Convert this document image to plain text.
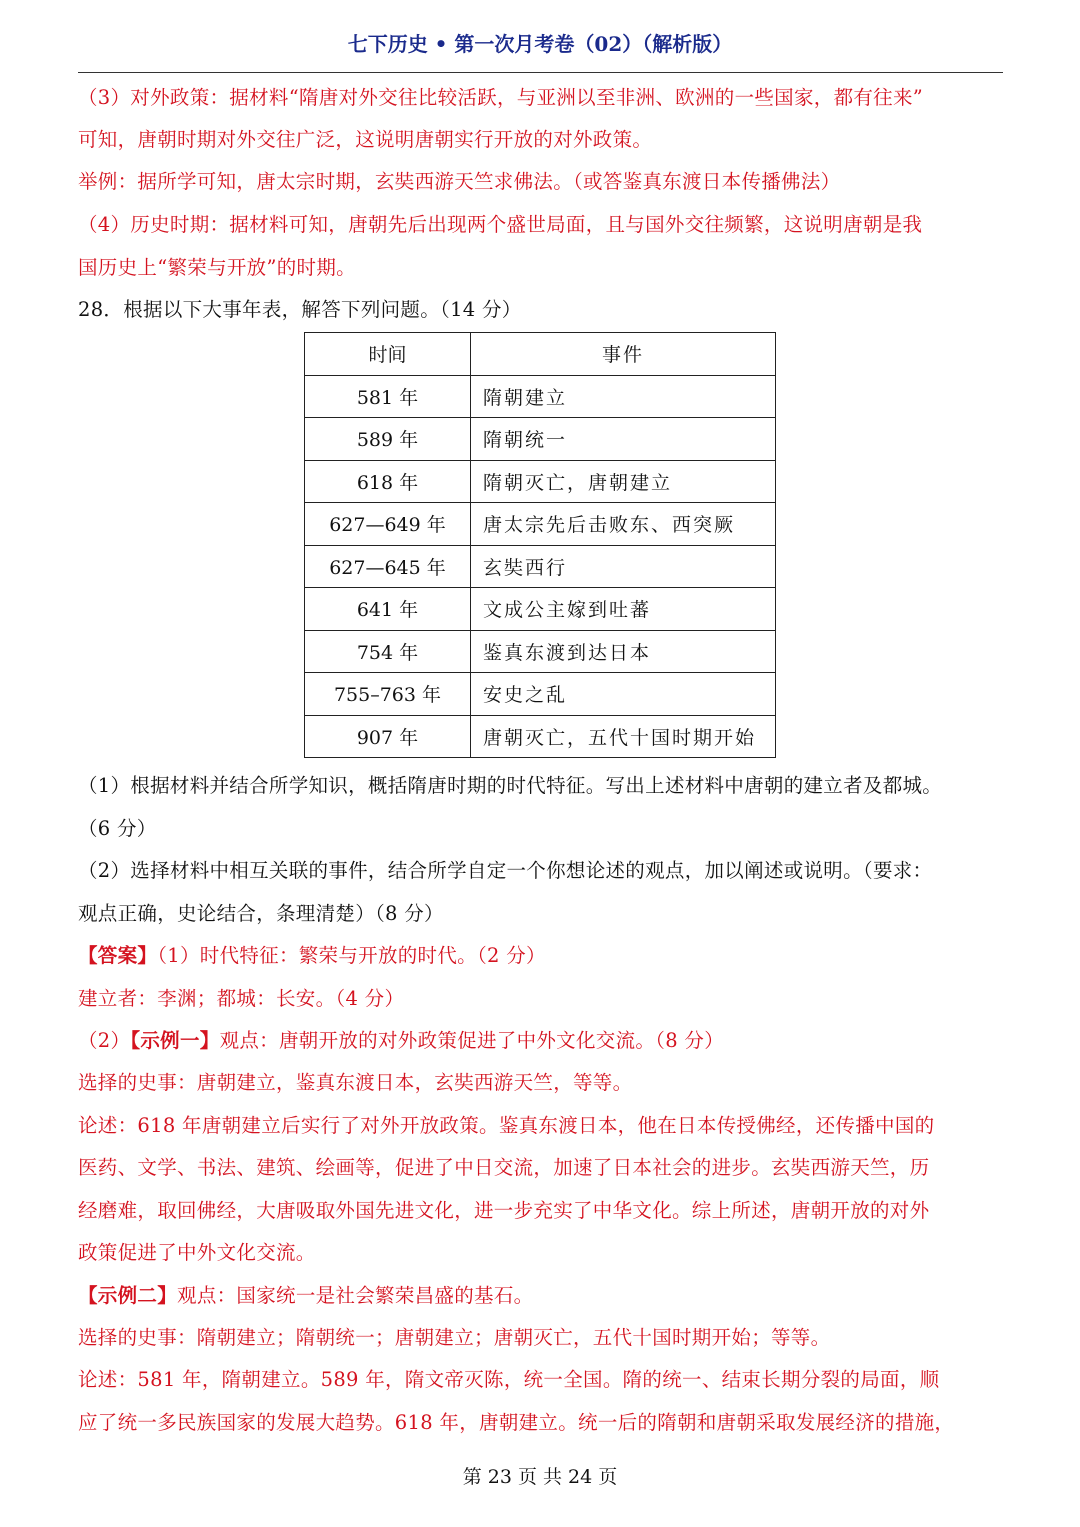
七下历史 • 第一次月考卷（02）（解析版）
（3）对外政策：据材料“隋唐对外交往比较活跃，与亚洲以至非洲、欧洲的一些国家，都有往来”
可知，唐朝时期对外交往广泛，这说明唐朝实行开放的对外政策。
举例：据所学可知，唐太宗时期，玄奘西游天竺求佛法。（或答鉴真东渡日本传播佛法）
（4）历史时期：据材料可知，唐朝先后出现两个盛世局面，且与国外交往频繁，这说明唐朝是我
国历史上“繁荣与开放”的时期。
28．根据以下大事年表，解答下列问题。（14 分）
时间	事件
581 年	隋朝建立
589 年	隋朝统一
618 年	隋朝灭亡，唐朝建立
627—649 年	唐太宗先后击败东、西突厥
627—645 年	玄奘西行
641 年	文成公主嫁到吐蕃
754 年	鉴真东渡到达日本
755–763 年	安史之乱
907 年	唐朝灭亡，五代十国时期开始
（1）根据材料并结合所学知识，概括隋唐时期的时代特征。写出上述材料中唐朝的建立者及都城。
（6 分）
（2）选择材料中相互关联的事件，结合所学自定一个你想论述的观点，加以阐述或说明。（要求：
观点正确，史论结合，条理清楚）（8 分）
【答案】（1）时代特征：繁荣与开放的时代。（2 分）
建立者：李渊；都城：长安。（4 分）
（2）【示例一】观点：唐朝开放的对外政策促进了中外文化交流。（8 分）
选择的史事：唐朝建立，鉴真东渡日本，玄奘西游天竺，等等。
论述：618 年唐朝建立后实行了对外开放政策。鉴真东渡日本，他在日本传授佛经，还传播中国的
医药、文学、书法、建筑、绘画等，促进了中日交流，加速了日本社会的进步。玄奘西游天竺，历
经磨难，取回佛经，大唐吸取外国先进文化，进一步充实了中华文化。综上所述，唐朝开放的对外
政策促进了中外文化交流。
【示例二】观点：国家统一是社会繁荣昌盛的基石。
选择的史事：隋朝建立；隋朝统一；唐朝建立；唐朝灭亡，五代十国时期开始；等等。
论述：581 年，隋朝建立。589 年，隋文帝灭陈，统一全国。隋的统一、结束长期分裂的局面，顺
应了统一多民族国家的发展大趋势。618 年，唐朝建立。统一后的隋朝和唐朝采取发展经济的措施，
第 23 页 共 24 页
